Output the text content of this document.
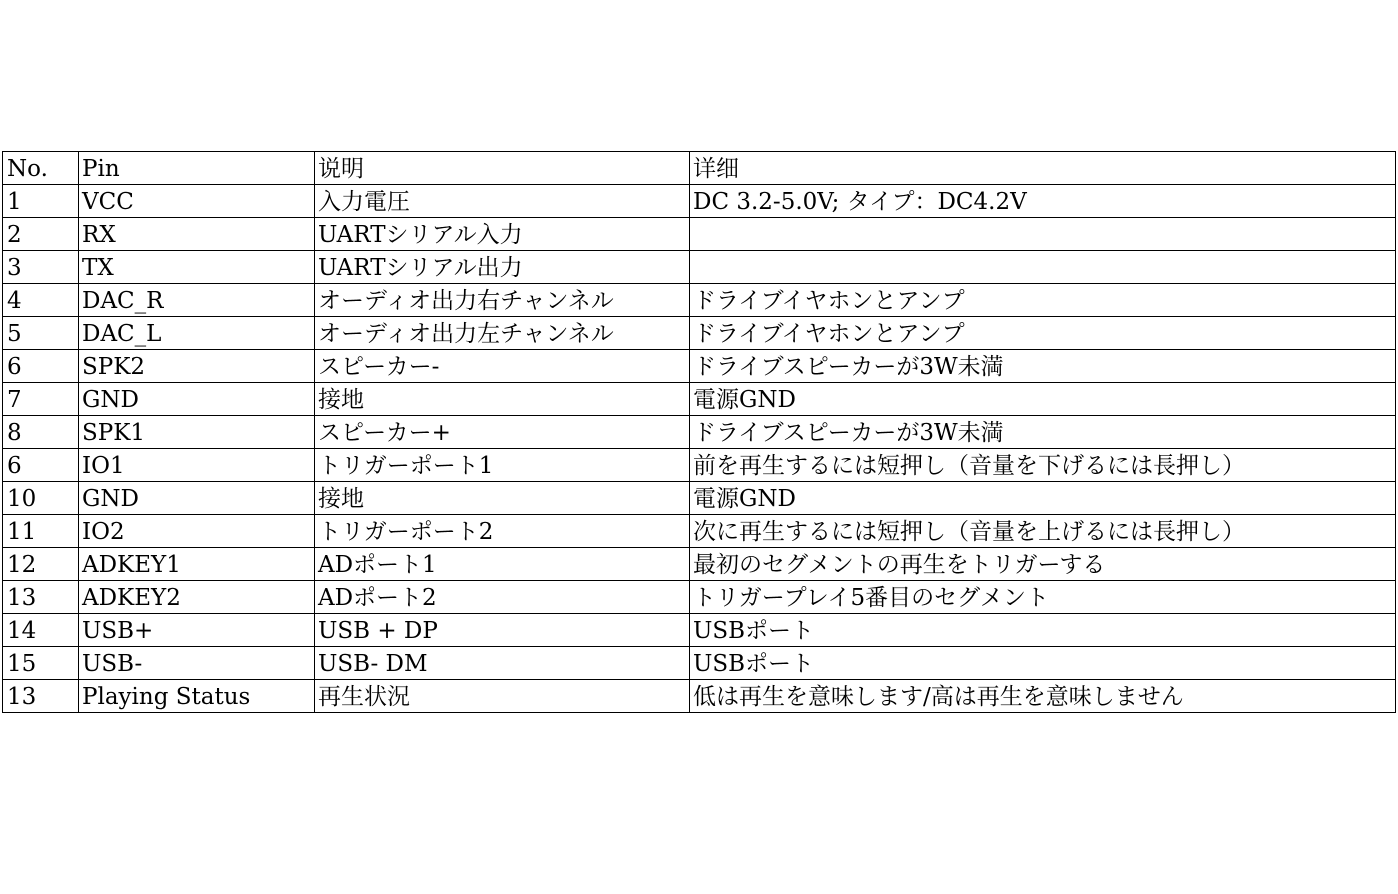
No.	Pin	说明	详细
1	VCC	入力電圧	DC 3.2-5.0V; タイプ：DC4.2V
2	RX	UARTシリアル入力	
3	TX	UARTシリアル出力	
4	DAC_R	オーディオ出力右チャンネル	ドライブイヤホンとアンプ
5	DAC_L	オーディオ出力左チャンネル	ドライブイヤホンとアンプ
6	SPK2	スピーカー-	ドライブスピーカーが3W未満
7	GND	接地	電源GND
8	SPK1	スピーカー+	ドライブスピーカーが3W未満
6	IO1	トリガーポート1	前を再生するには短押し（音量を下げるには長押し）
10	GND	接地	電源GND
11	IO2	トリガーポート2	次に再生するには短押し（音量を上げるには長押し）
12	ADKEY1	ADポート1	最初のセグメントの再生をトリガーする
13	ADKEY2	ADポート2	トリガープレイ5番目のセグメント
14	USB+	USB + DP	USBポート
15	USB-	USB- DM	USBポート
13	Playing Status	再生状況	低は再生を意味します/高は再生を意味しません
